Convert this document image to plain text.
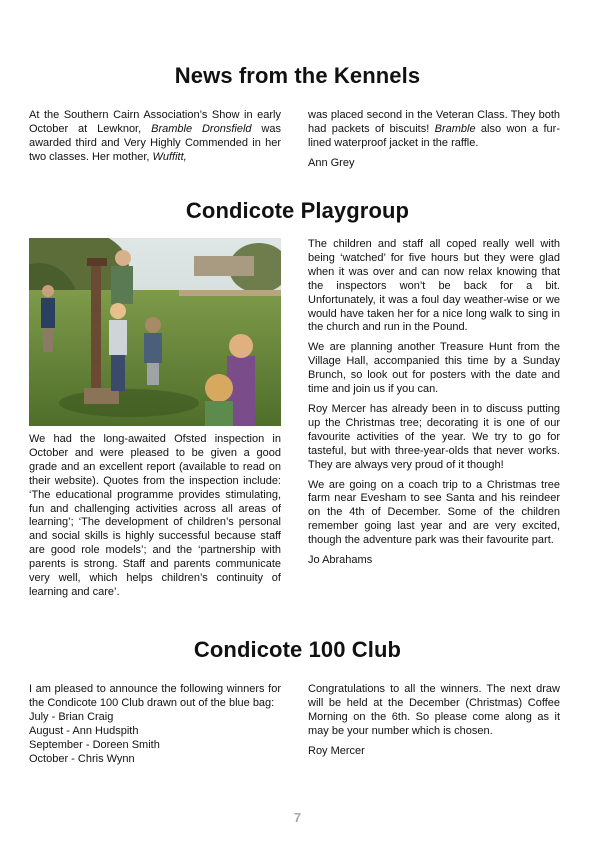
News from the Kennels

At the Southern Cairn Association’s Show in early October at Lewknor, Bramble Dronsfield was awarded third and Very Highly Commended in her two classes. Her mother, Wuffitt,

was placed second in the Veteran Class. They both had packets of biscuits! Bramble also won a fur-lined waterproof jacket in the raffle.

Ann Grey

Condicote Playgroup

We had the long-awaited Ofsted inspection in October and were pleased to be given a good grade and an excellent report (available to read on their website). Quotes from the inspection include: ‘The educational programme provides stimulating, fun and challenging activities across all areas of learning’; ‘The development of children’s personal and social skills is highly successful because staff are good role models’; and the ‘partnership with parents is strong. Staff and parents communicate very well, which helps children’s continuity of learning and care’.

The children and staff all coped really well with being ‘watched’ for five hours but they were glad when it was over and can now relax knowing that the inspectors won’t be back for a bit. Unfortunately, it was a foul day weather-wise or we would have taken her for a nice long walk to sing in the church and run in the Pound.

We are planning another Treasure Hunt from the Village Hall, accompanied this time by a Sunday Brunch, so look out for posters with the date and time and join us if you can.

Roy Mercer has already been in to discuss putting up the Christmas tree; decorating it is one of our favourite activities of the year. We try to go for tasteful, but with three-year-olds that never works. They are always very proud of it though!

We are going on a coach trip to a Christmas tree farm near Evesham to see Santa and his reindeer on the 4th of December. Some of the children remember going last year and are very excited, though the adventure park was their favourite part.

Jo Abrahams

Condicote 100 Club

I am pleased to announce the following winners for the Condicote 100 Club drawn out of the blue bag:

July - Brian Craig
August - Ann Hudspith
September - Doreen Smith
October - Chris Wynn

Congratulations to all the winners. The next draw will be held at the December (Christmas) Coffee Morning on the 6th. So please come along as it may be your number which is chosen.

Roy Mercer

7
